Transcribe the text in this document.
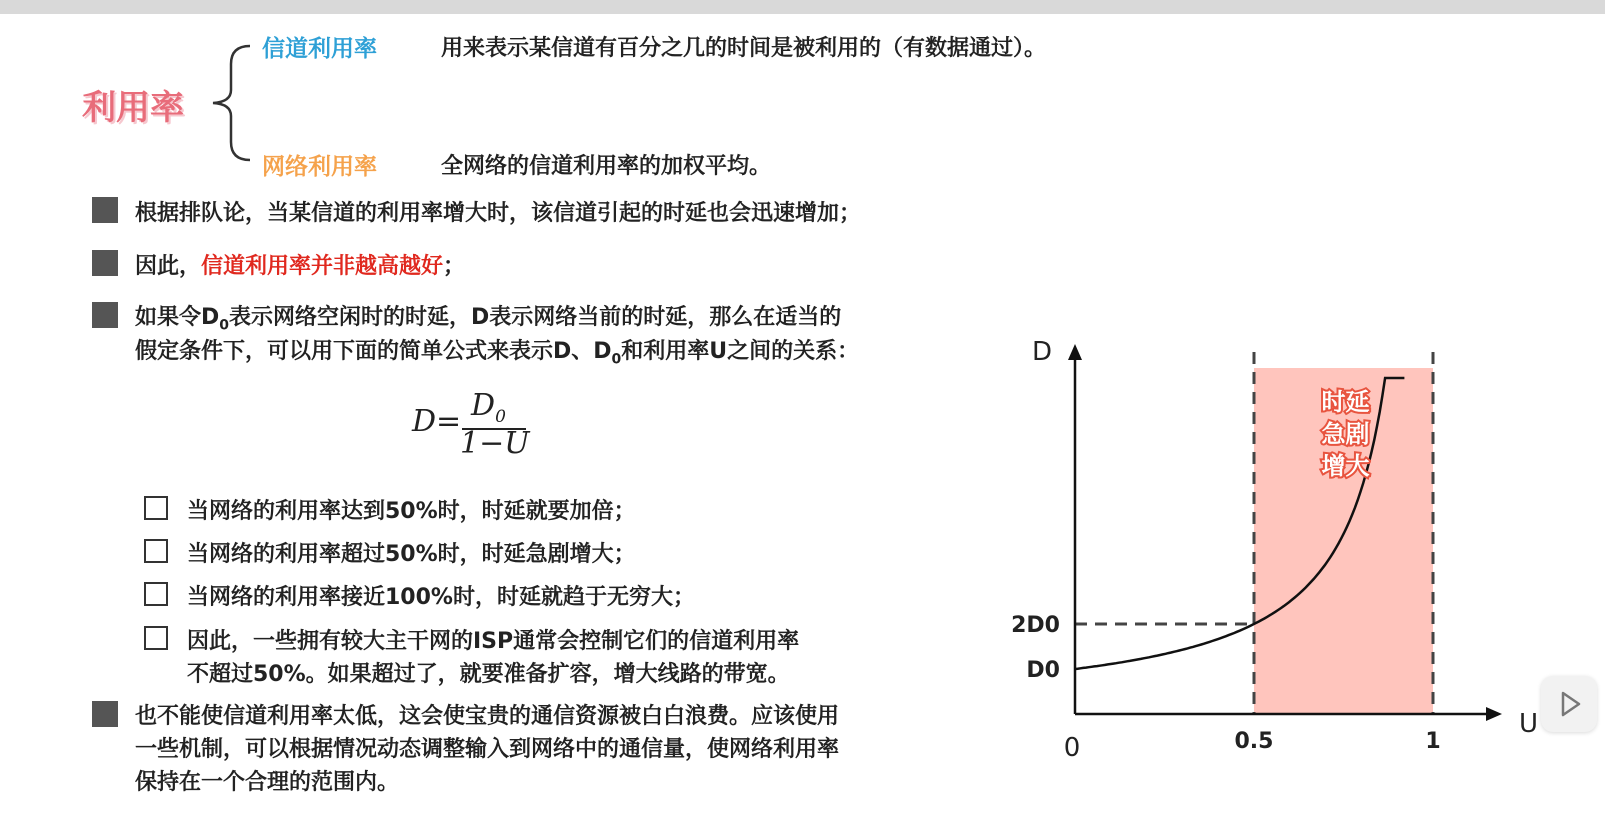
利用率
信道利用率	用来表示某信道有百分之几的时间是被利用的（有数据通过）。
网络利用率	全网络的信道利用率的加权平均。
根据排队论，当某信道的利用率增大时，该信道引起的时延也会迅速增加；
因此，信道利用率并非越高越好；
如果令$D_0$表示网络空闲时的时延，D表示网络当前的时延，那么在适当的
假定条件下，可以用下面的简单公式来表示D、$D_0$和利用率U之间的关系：
$D= D_0$
1−U
当网络的利用率达到50%时，时延就要加倍；
当网络的利用率超过50%时，时延急剧增大；
当网络的利用率接近100%时，时延就趋于无穷大；
因此，一些拥有较大主干网的ISP通常会控制它们的信道利用率
不超过50%。如果超过了，就要准备扩容，增大线路的带宽。
也不能使信道利用率太低，这会使宝贵的通信资源被白白浪费。应该使用
一些机制，可以根据情况动态调整输入到网络中的通信量，使网络利用率
保持在一个合理的范围内。
D
U
0	0.5	1
D0
2D0
时延
急剧
增大
